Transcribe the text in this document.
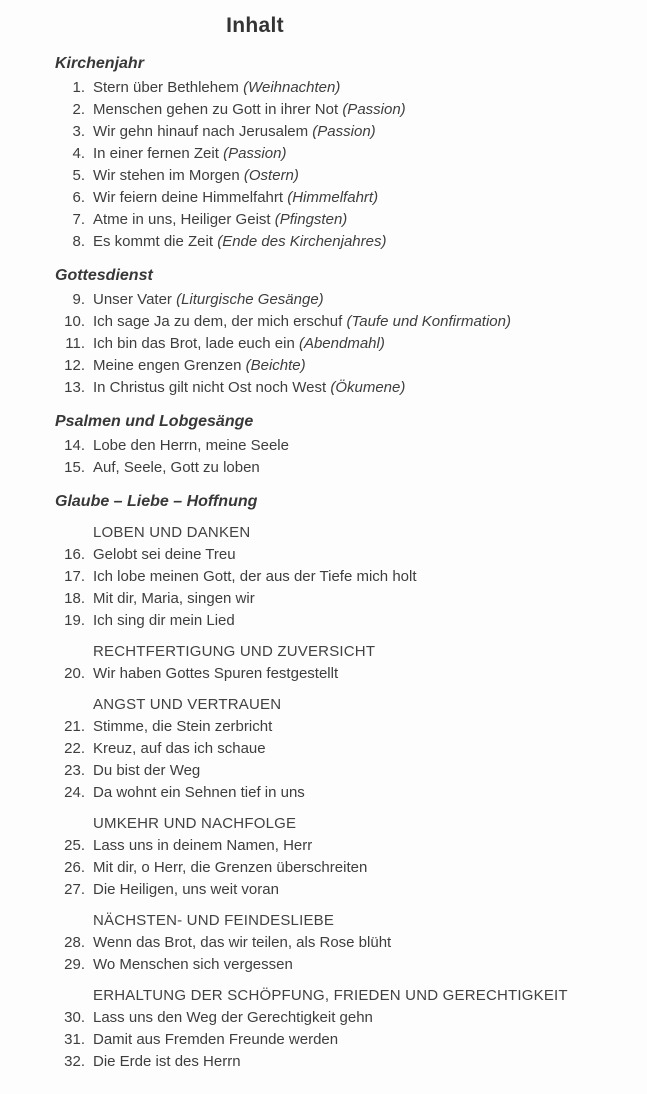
Inhalt
Kirchenjahr
1. Stern über Bethlehem (Weihnachten)
2. Menschen gehen zu Gott in ihrer Not (Passion)
3. Wir gehn hinauf nach Jerusalem (Passion)
4. In einer fernen Zeit (Passion)
5. Wir stehen im Morgen (Ostern)
6. Wir feiern deine Himmelfahrt (Himmelfahrt)
7. Atme in uns, Heiliger Geist (Pfingsten)
8. Es kommt die Zeit (Ende des Kirchenjahres)
Gottesdienst
9. Unser Vater (Liturgische Gesänge)
10. Ich sage Ja zu dem, der mich erschuf (Taufe und Konfirmation)
11. Ich bin das Brot, lade euch ein (Abendmahl)
12. Meine engen Grenzen (Beichte)
13. In Christus gilt nicht Ost noch West (Ökumene)
Psalmen und Lobgesänge
14. Lobe den Herrn, meine Seele
15. Auf, Seele, Gott zu loben
Glaube – Liebe – Hoffnung
LOBEN UND DANKEN
16. Gelobt sei deine Treu
17. Ich lobe meinen Gott, der aus der Tiefe mich holt
18. Mit dir, Maria, singen wir
19. Ich sing dir mein Lied
RECHTFERTIGUNG UND ZUVERSICHT
20. Wir haben Gottes Spuren festgestellt
ANGST UND VERTRAUEN
21. Stimme, die Stein zerbricht
22. Kreuz, auf das ich schaue
23. Du bist der Weg
24. Da wohnt ein Sehnen tief in uns
UMKEHR UND NACHFOLGE
25. Lass uns in deinem Namen, Herr
26. Mit dir, o Herr, die Grenzen überschreiten
27. Die Heiligen, uns weit voran
NÄCHSTEN- UND FEINDESLIEBE
28. Wenn das Brot, das wir teilen, als Rose blüht
29. Wo Menschen sich vergessen
ERHALTUNG DER SCHÖPFUNG, FRIEDEN UND GERECHTIGKEIT
30. Lass uns den Weg der Gerechtigkeit gehn
31. Damit aus Fremden Freunde werden
32. Die Erde ist des Herrn
